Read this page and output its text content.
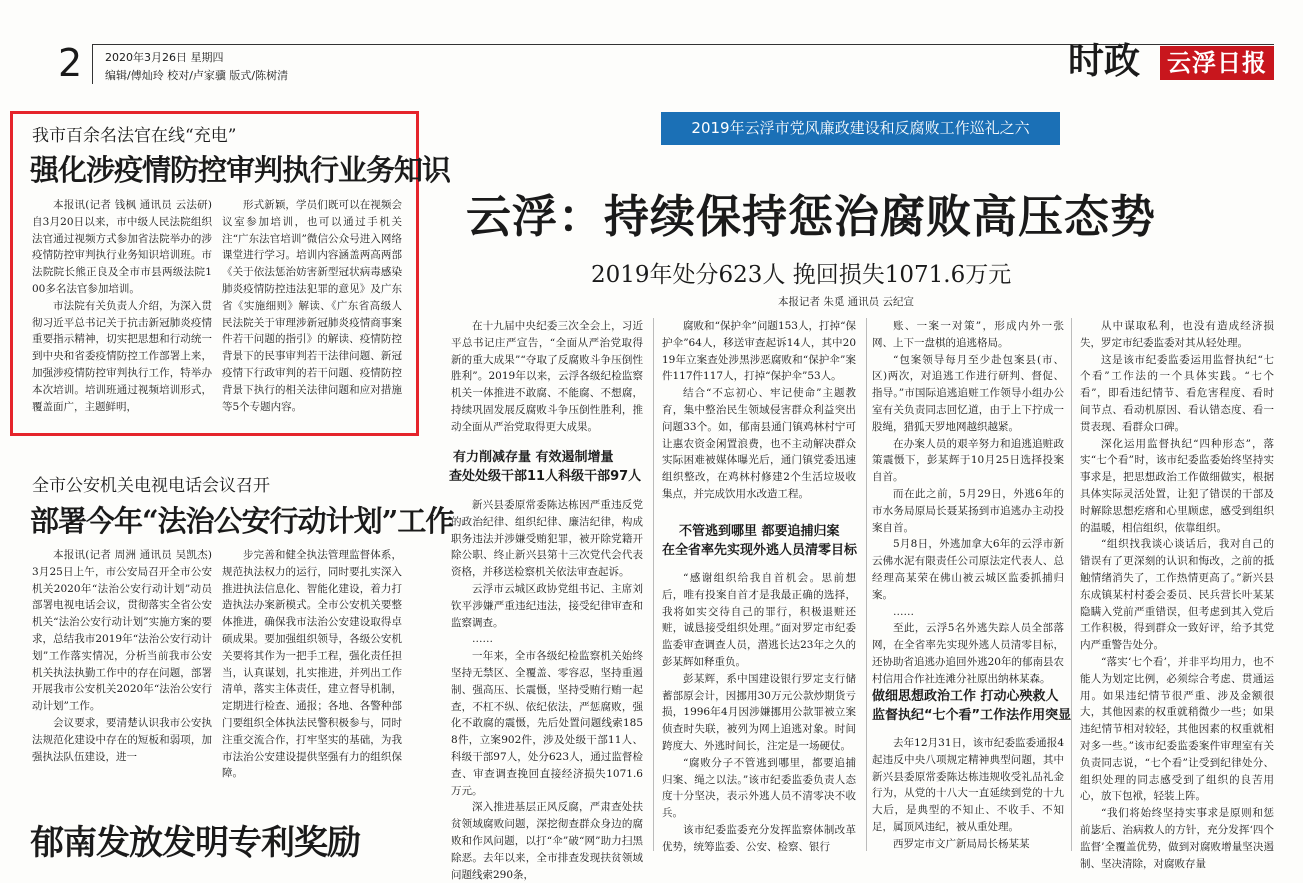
2 2020年3月26日 星期四
编辑/傅灿玲 校对/卢家骥 版式/陈树清	时政 云浮日报
我市百余名法官在线“充电”
强化涉疫情防控审判执行业务知识

本报讯(记者 钱枫 通讯员 云法研)自3月20日以来，市中级人民法院组织法官通过视频方式参加省法院举办的涉疫情防控审判执行业务知识培训班。市法院院长熊正良及全市市县两级法院100多名法官参加培训。

市法院有关负责人介绍，为深入贯彻习近平总书记关于抗击新冠肺炎疫情重要指示精神，切实把思想和行动统一到中央和省委疫情防控工作部署上来，加强涉疫情防控审判执行工作，特举办本次培训。培训班通过视频培训形式，覆盖面广，主题鲜明，

形式新颖，学员们既可以在视频会议室参加培训，也可以通过手机关注“广东法官培训”微信公众号进入网络课堂进行学习。培训内容涵盖两高两部《关于依法惩治妨害新型冠状病毒感染肺炎疫情防控违法犯罪的意见》及广东省《实施细则》解读、《广东省高级人民法院关于审理涉新冠肺炎疫情商事案件若干问题的指引》的解读、疫情防控背景下的民事审判若干法律问题、新冠疫情下行政审判的若干问题、疫情防控背景下执行的相关法律问题和应对措施等5个专题内容。

全市公安机关电视电话会议召开
部署今年“法治公安行动计划”工作

本报讯(记者 周洲 通讯员 吴凯杰)3月25日上午，市公安局召开全市公安机关2020年“法治公安行动计划”动员部署电视电话会议，贯彻落实全省公安机关“法治公安行动计划”实施方案的要求，总结我市2019年“法治公安行动计划”工作落实情况，分析当前我市公安机关执法执勤工作中的存在问题，部署开展我市公安机关2020年“法治公安行动计划”工作。

会议要求，要清楚认识我市公安执法规范化建设中存在的短板和弱项，加强执法队伍建设，进一

步完善和健全执法管理监督体系，规范执法权力的运行，同时要扎实深入推进执法信息化、智能化建设，着力打造执法办案新模式。全市公安机关要整体推进，确保我市法治公安建设取得卓硕成果。要加强组织领导，各级公安机关要将其作为一把手工程，强化责任担当，认真谋划，扎实推进，并列出工作清单，落实主体责任，建立督导机制，定期进行检查、通报；各地、各警种部门要组织全体执法民警积极参与，同时注重交流合作，打牢坚实的基础，为我市法治公安建设提供坚强有力的组织保障。

郁南发放发明专利奖励
2019年云浮市党风廉政建设和反腐败工作巡礼之六
云浮：持续保持惩治腐败高压态势
2019年处分623人 挽回损失1071.6万元
本报记者 朱觅 通讯员 云纪宣

在十九届中央纪委三次全会上，习近平总书记庄严宣告，“全面从严治党取得新的重大成果”“夺取了反腐败斗争压倒性胜利”。2019年以来，云浮各级纪检监察机关一体推进不敢腐、不能腐、不想腐，持续巩固发展反腐败斗争压倒性胜利，推动全面从严治党取得更大成果。

有力削减存量 有效遏制增量
查处处级干部11人科级干部97人

新兴县委原常委陈达栋因严重违反党的政治纪律、组织纪律、廉洁纪律，构成职务违法并涉嫌受贿犯罪，被开除党籍开除公职、终止新兴县第十三次党代会代表资格，并移送检察机关依法审查起诉。

云浮市云城区政协党组书记、主席刘钦平涉嫌严重违纪违法，接受纪律审查和监察调查。

……

一年来，全市各级纪检监察机关始终坚持无禁区、全覆盖、零容忍，坚持重遏制、强高压、长震慑，坚持受贿行贿一起查，不杠不纵、依纪依法，严惩腐败，强化不敢腐的震慑，先后处置问题线索1858件，立案902件，涉及处级干部11人、科级干部97人，处分623人，通过监督检查、审查调查挽回直接经济损失1071.6万元。

深入推进基层正风反腐，严肃查处扶贫领域腐败问题，深挖彻查群众身边的腐败和作风问题，以打“伞”破“网”助力扫黑除恶。去年以来，全市排查发现扶贫领域问题线索290条，

腐败和“保护伞”问题153人，打掉“保护伞”64人，移送审查起诉14人，其中2019年立案查处涉黑涉恶腐败和“保护伞”案件117件117人，打掉“保护伞”53人。

结合“不忘初心、牢记使命”主题教育，集中整治民生领域侵害群众利益突出问题33个。如，郁南县通门镇鸡林村宁可让惠农资金闲置浪费，也不主动解决群众实际困难被媒体曝光后，通门镇党委迅速组织整改，在鸡林村修建2个生活垃圾收集点，并完成饮用水改造工程。

不管逃到哪里 都要追捕归案
在全省率先实现外逃人员清零目标

“感谢组织给我自首机会。思前想后，唯有投案自首才是我最正确的选择，我将如实交待自己的罪行，积极退赃还赃，诚恳接受组织处理。”面对罗定市纪委监委审查调查人员，潜逃长达23年之久的彭某辉如释重负。

彭某辉，系中国建设银行罗定支行储蓄部原会计，因挪用30万元公款炒期货亏损，1996年4月因涉嫌挪用公款罪被立案侦查时失联，被列为网上追逃对象。时间跨度大、外逃时间长，注定是一场硬仗。

“腐败分子不管逃到哪里，都要追捕归案、绳之以法。”该市纪委监委负责人态度十分坚决，表示外逃人员不清零决不收兵。

该市纪委监委充分发挥监察体制改革优势，统筹监委、公安、检察、银行

账、一案一对策”，形成内外一张网、上下一盘棋的追逃格局。

“包案领导每月至少赴包案县(市、区)两次，对追逃工作进行研判、督促、指导。”市国际追逃追赃工作领导小组办公室有关负责同志回忆道，由于上下拧成一股绳，猎狐天罗地网越织越紧。

在办案人员的艰辛努力和追逃追赃政策震慑下，彭某辉于10月25日选择投案自首。

而在此之前，5月29日，外逃6年的市水务局原局长聂某扬到市追逃办主动投案自首。

5月8日，外逃加拿大6年的云浮市新云佛水泥有限责任公司原法定代表人、总经理高某荣在佛山被云城区监委抓捕归案。

……

至此，云浮5名外逃失踪人员全部落网，在全省率先实现外逃人员清零目标，还协助省追逃办追回外逃20年的郁南县农村信用合作社连滩分社原出纳林某森。

做细思想政治工作 打动心殃救人
监督执纪“七个看”工作法作用突显

去年12月31日，该市纪委监委通报4起违反中央八项规定精神典型问题，其中新兴县委原常委陈达栋违规收受礼品礼金行为，从党的十八大一直延续到党的十九大后，是典型的不知止、不收手、不知足，属顶风违纪，被从重处理。

西罗定市文广新局局长杨某某

从中谋取私利，也没有造成经济损失，罗定市纪委监委对其从轻处理。

这是该市纪委监委运用监督执纪“七个看”工作法的一个具体实践。“七个看”，即看违纪情节、看危害程度、看时间节点、看动机原因、看认错态度、看一贯表现、看群众口碑。

深化运用监督执纪“四种形态”，落实“七个看”时，该市纪委监委始终坚持实事求是，把思想政治工作做细做实，根据具体实际灵活处置，让犯了错误的干部及时解除思想疙瘩和心里顾虑，感受到组织的温暖，相信组织，依靠组织。

“组织找我谈心谈话后，我对自己的错误有了更深刻的认识和悔改，之前的抵触情绪消失了，工作热情更高了。”新兴县东成镇某村村委会委员、民兵营长叶某某隐瞒入党前严重错误，但考虑到其入党后工作积极，得到群众一致好评，给予其党内严重警告处分。

“落实‘七个看’，并非平均用力，也不能人为划定比例，必须综合考虑、贯通运用。如果违纪情节很严重、涉及金额很大，其他因素的权重就稍微少一些；如果违纪情节相对较轻，其他因素的权重就相对多一些。”该市纪委监委案件审理室有关负责同志说，“七个看”让受到纪律处分、组织处理的同志感受到了组织的良苦用心，放下包袱，轻装上阵。

“我们将始终坚持实事求是原则和惩前毖后、治病救人的方针，充分发挥‘四个监督’全覆盖优势，做到对腐败增量坚决遏制、坚决清除，对腐败存量
